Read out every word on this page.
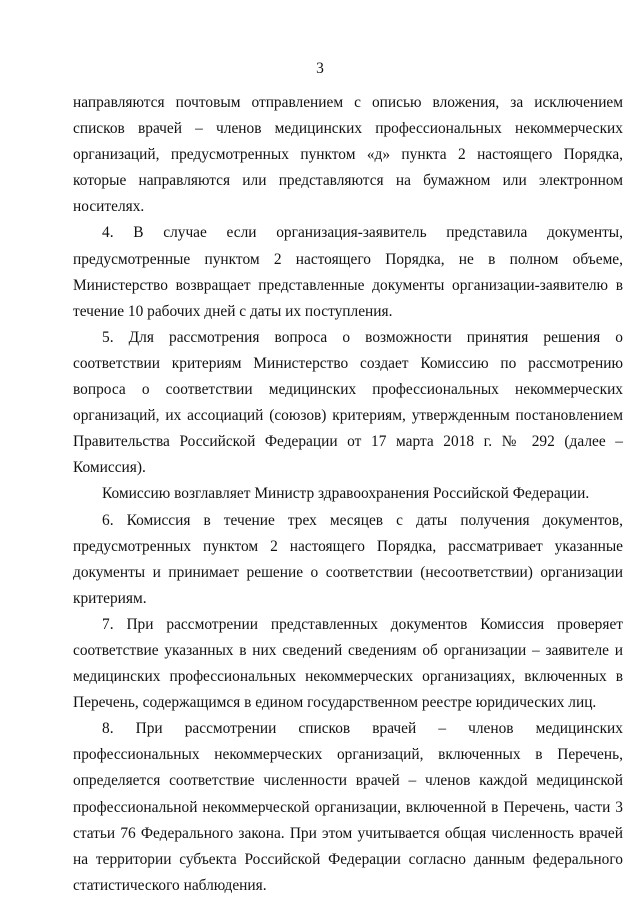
3

направляются почтовым отправлением с описью вложения, за исключением списков врачей – членов медицинских профессиональных некоммерческих организаций, предусмотренных пунктом «д» пункта 2 настоящего Порядка, которые направляются или представляются на бумажном или электронном носителях.

4. В случае если организация-заявитель представила документы, предусмотренные пунктом 2 настоящего Порядка, не в полном объеме, Министерство возвращает представленные документы организации-заявителю в течение 10 рабочих дней с даты их поступления.

5. Для рассмотрения вопроса о возможности принятия решения о соответствии критериям Министерство создает Комиссию по рассмотрению вопроса о соответствии медицинских профессиональных некоммерческих организаций, их ассоциаций (союзов) критериям, утвержденным постановлением Правительства Российской Федерации от 17 марта 2018 г. № 292 (далее – Комиссия).

Комиссию возглавляет Министр здравоохранения Российской Федерации.

6. Комиссия в течение трех месяцев с даты получения документов, предусмотренных пунктом 2 настоящего Порядка, рассматривает указанные документы и принимает решение о соответствии (несоответствии) организации критериям.

7. При рассмотрении представленных документов Комиссия проверяет соответствие указанных в них сведений сведениям об организации – заявителе и медицинских профессиональных некоммерческих организациях, включенных в Перечень, содержащимся в едином государственном реестре юридических лиц.

8. При рассмотрении списков врачей – членов медицинских профессиональных некоммерческих организаций, включенных в Перечень, определяется соответствие численности врачей – членов каждой медицинской профессиональной некоммерческой организации, включенной в Перечень, части 3 статьи 76 Федерального закона. При этом учитывается общая численность врачей на территории субъекта Российской Федерации согласно данным федерального статистического наблюдения.
